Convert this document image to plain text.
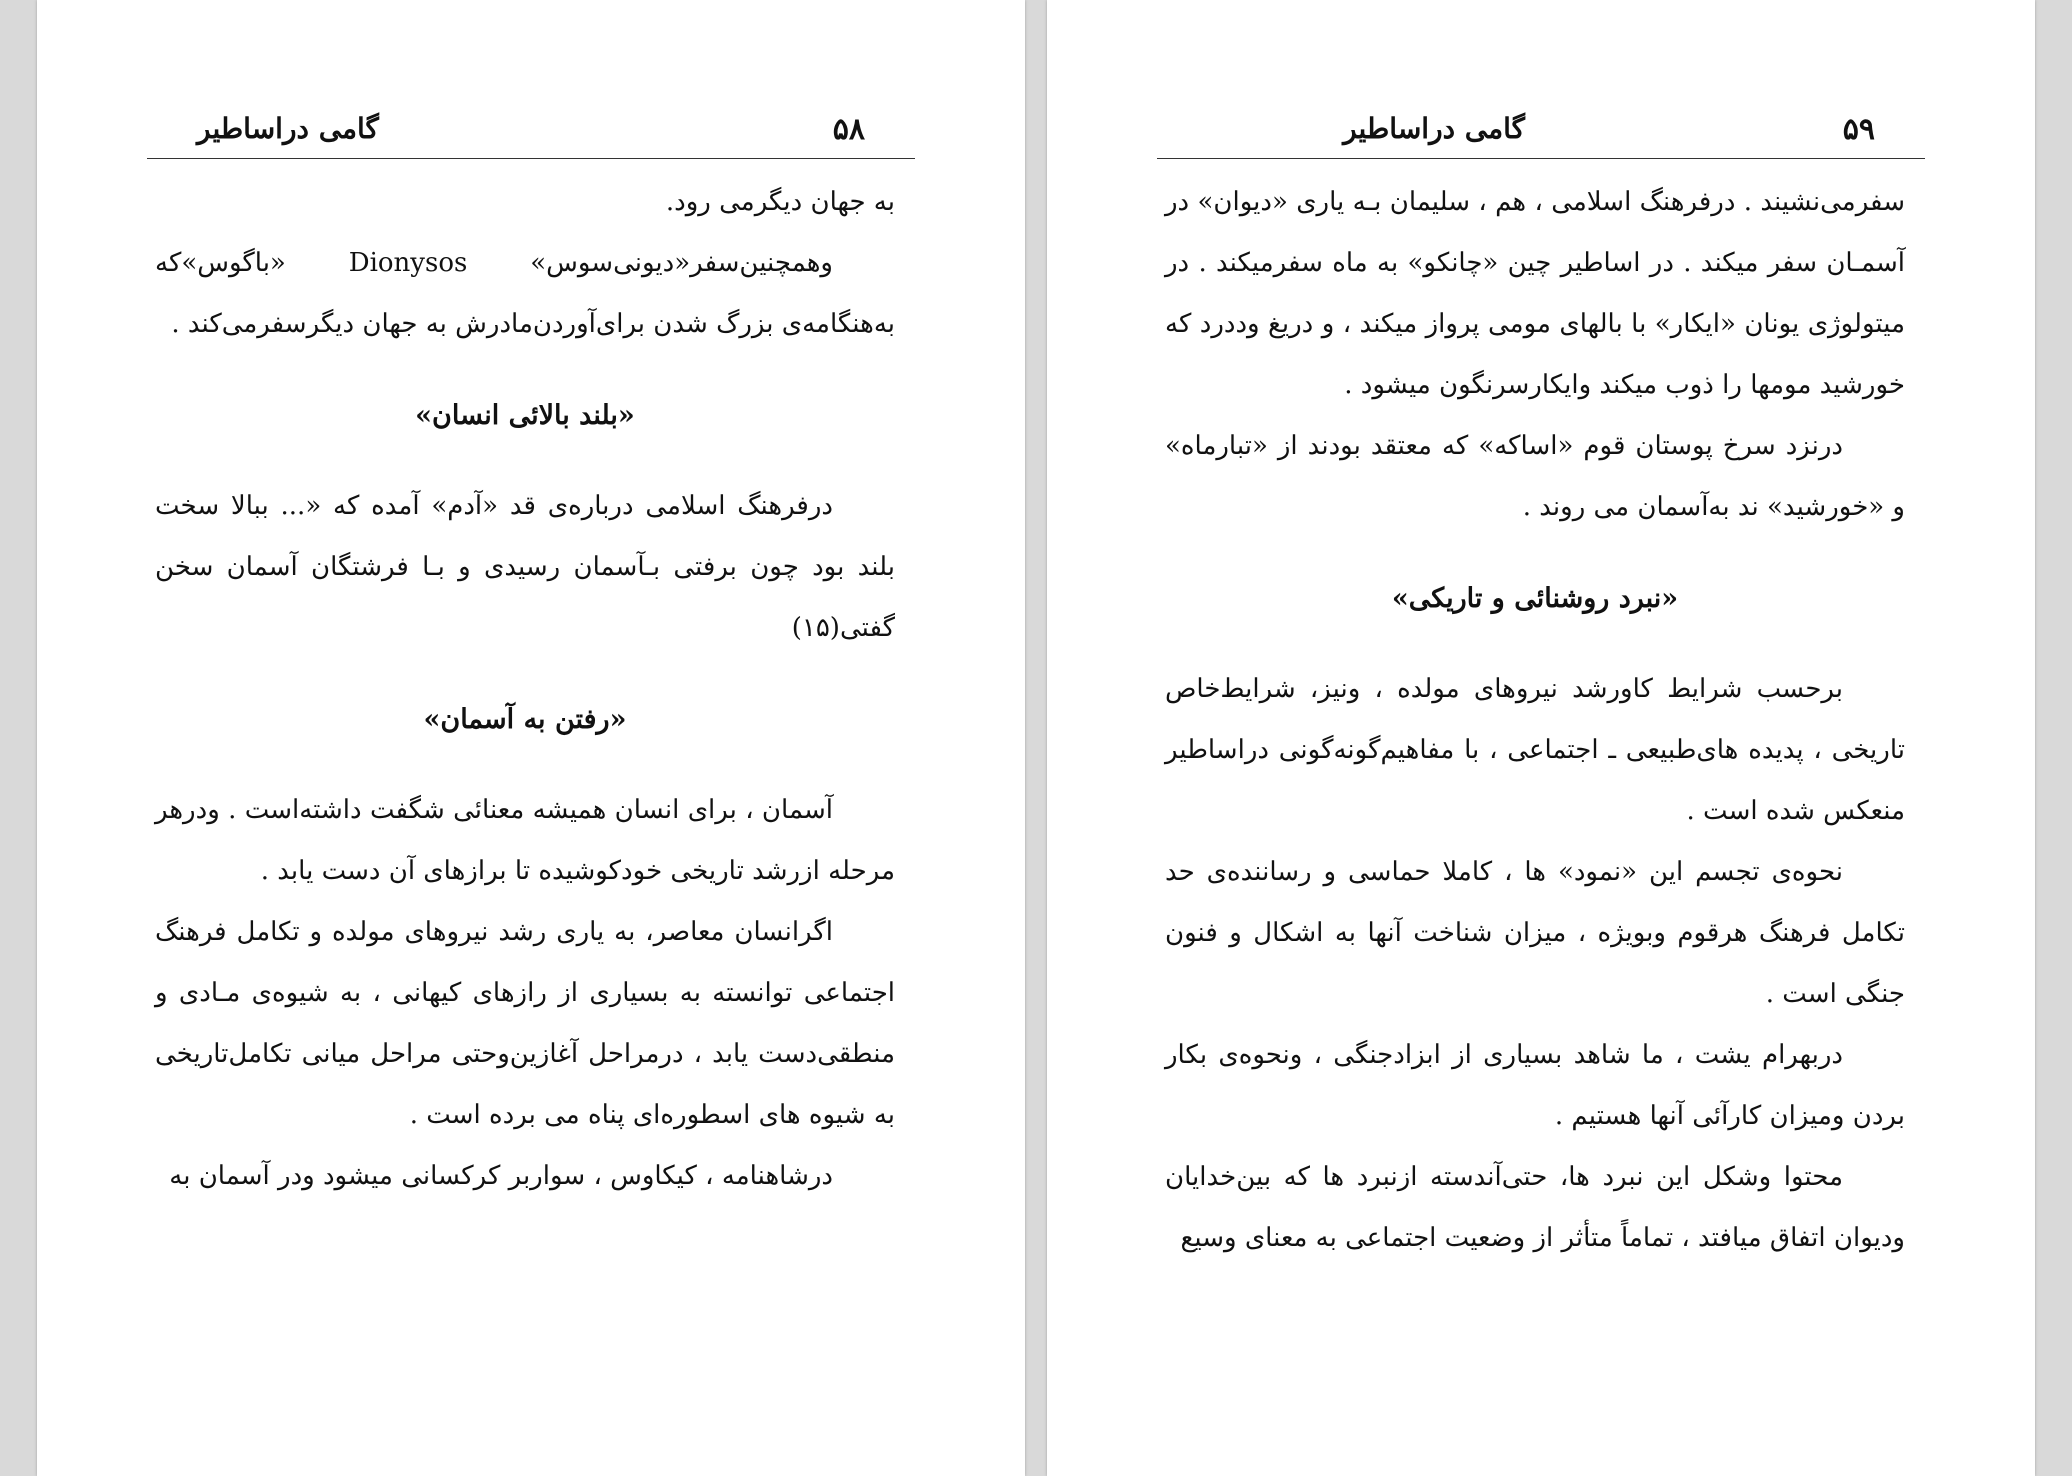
گامی دراساطیر	۵۸

به جهان دیگرمی رود.

وهمچنین‌سفر«دیونی‌سوس» Dionysos «باگوس»که به‌هنگامه‌ی بزرگ شدن برای‌آوردن‌مادرش به جهان دیگرسفرمی‌کند .

«بلند بالائی انسان»

درفرهنگ اسلامی درباره‌ی قد «آدم» آمده که «... ببالا سخت بلند بود چون برفتی بـآسمان رسیدی و بـا فرشتگان آسمان سخن گفتی(۱۵)

«رفتن به آسمان»

آسمان ، برای انسان همیشه معنائی شگفت داشته‌است . ودرهر مرحله ازرشد تاریخی خودکوشیده تا برازهای آن دست یابد .

اگرانسان معاصر، به یاری رشد نیروهای مولده و تکامل فرهنگ اجتماعی توانسته به بسیاری از رازهای کیهانی ، به شیوه‌ی مـادی و منطقی‌دست یابد ، درمراحل آغازین‌وحتی مراحل میانی تکامل‌تاریخی به شیوه های اسطوره‌ای پناه می برده است .

درشاهنامه ، کیکاوس ، سواربر کرکسانی میشود ودر آسمان به

گامی دراساطیر	۵۹

سفرمی‌نشیند . درفرهنگ اسلامی ، هم ، سلیمان بـه یاری «دیوان» در آسمـان سفر میکند . در اساطیر چین «چانکو» به ماه سفرمیکند . در میتولوژی یونان «ایکار» با بالهای مومی پرواز میکند ، و دریغ وددرد که خورشید مومها را ذوب میکند وایکارسرنگون میشود .

درنزد سرخ پوستان قوم «اساکه» که معتقد بودند از «تبارماه» و «خورشید» ند به‌آسمان می روند .

«نبرد روشنائی و تاریکی»

برحسب شرایط کاورشد نیروهای مولده ، ونیز، شرایط‌خاص تاریخی ، پدیده های‌طبیعی ـ اجتماعی ، با مفاهیم‌گونه‌گونی دراساطیر منعکس شده است .

نحوه‌ی تجسم این «نمود» ها ، کاملا حماسی و رساننده‌ی حد تکامل فرهنگ هرقوم وبویژه ، میزان شناخت آنها به اشکال و فنون جنگی است .

دربهرام یشت ، ما شاهد بسیاری از ابزادجنگی ، ونحوه‌ی بکار بردن ومیزان کارآئی آنها هستیم .

محتوا وشکل این نبرد ها، حتی‌آندسته ازنبرد ها که بین‌خدایان ودیوان اتفاق میافتد ، تماماً متأثر از وضعیت اجتماعی به معنای وسیع
